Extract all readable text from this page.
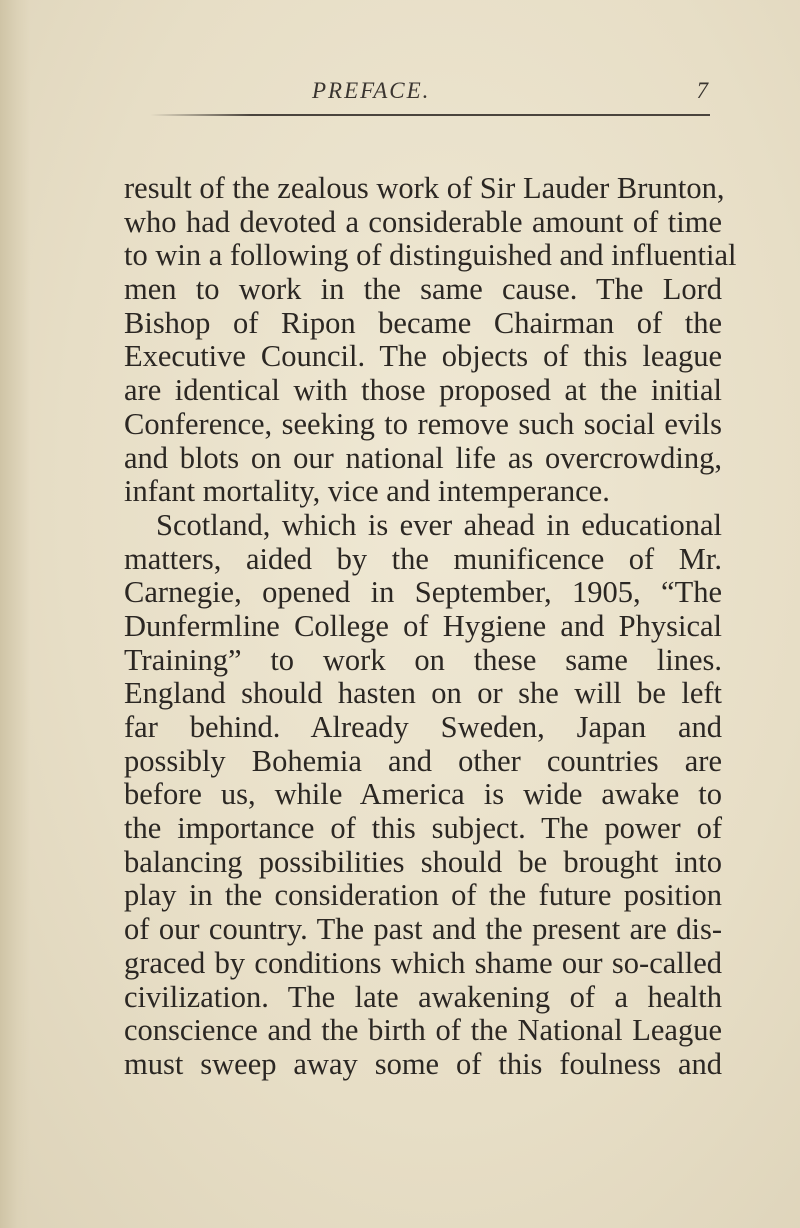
PREFACE.	7
result of the zealous work of Sir Lauder Brunton,
who had devoted a considerable amount of time
to win a following of distinguished and influential
men to work in the same cause. The Lord
Bishop of Ripon became Chairman of the
Executive Council. The objects of this league
are identical with those proposed at the initial
Conference, seeking to remove such social evils
and blots on our national life as overcrowding,
infant mortality, vice and intemperance.
Scotland, which is ever ahead in educational
matters, aided by the munificence of Mr.
Carnegie, opened in September, 1905, “The
Dunfermline College of Hygiene and Physical
Training” to work on these same lines.
England should hasten on or she will be left
far behind. Already Sweden, Japan and
possibly Bohemia and other countries are
before us, while America is wide awake to
the importance of this subject. The power of
balancing possibilities should be brought into
play in the consideration of the future position
of our country. The past and the present are dis-
graced by conditions which shame our so-called
civilization. The late awakening of a health
conscience and the birth of the National League
must sweep away some of this foulness and
